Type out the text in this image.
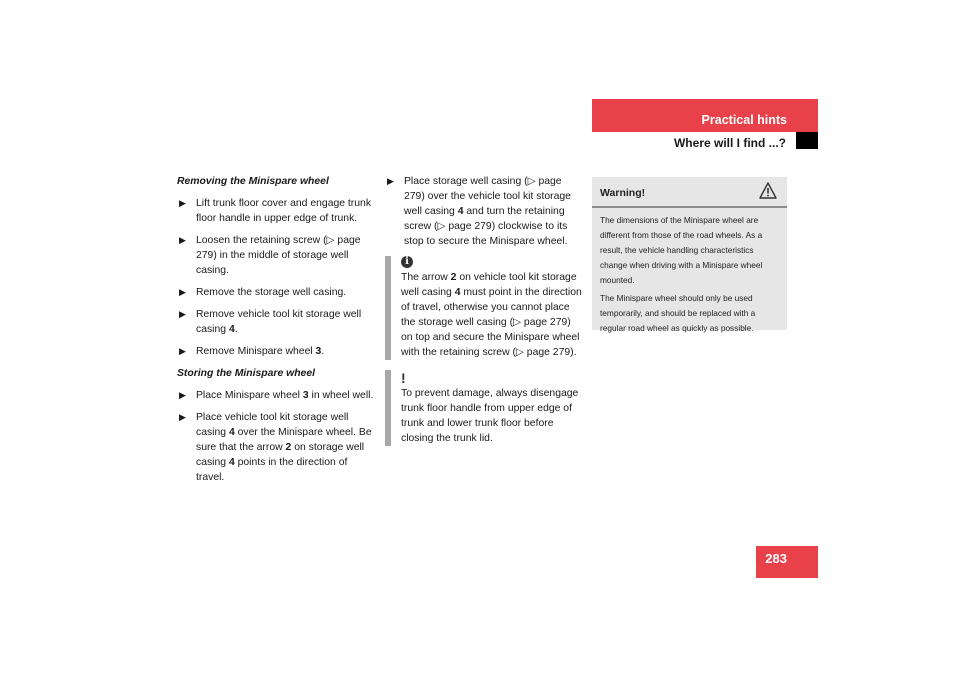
Practical hints
Where will I find ...?

Removing the Minispare wheel

▶ Lift trunk floor cover and engage trunk floor handle in upper edge of trunk.

▶ Loosen the retaining screw (▷ page 279) in the middle of storage well casing.

▶ Remove the storage well casing.

▶ Remove vehicle tool kit storage well casing 4.

▶ Remove Minispare wheel 3.

Storing the Minispare wheel

▶ Place Minispare wheel 3 in wheel well.

▶ Place vehicle tool kit storage well casing 4 over the Minispare wheel. Be sure that the arrow 2 on storage well casing 4 points in the direction of travel.

▶ Place storage well casing (▷ page 279) over the vehicle tool kit storage well casing 4 and turn the retaining screw (▷ page 279) clockwise to its stop to secure the Minispare wheel.

i
The arrow 2 on vehicle tool kit storage well casing 4 must point in the direction of travel, otherwise you cannot place the storage well casing (▷ page 279) on top and secure the Minispare wheel with the retaining screw (▷ page 279).
!
To prevent damage, always disengage trunk floor handle from upper edge of trunk and lower trunk floor before closing the trunk lid.
Warning!

The dimensions of the Minispare wheel are different from those of the road wheels. As a result, the vehicle handling characteristics change when driving with a Minispare wheel mounted.

The Minispare wheel should only be used temporarily, and should be replaced with a regular road wheel as quickly as possible.

283
